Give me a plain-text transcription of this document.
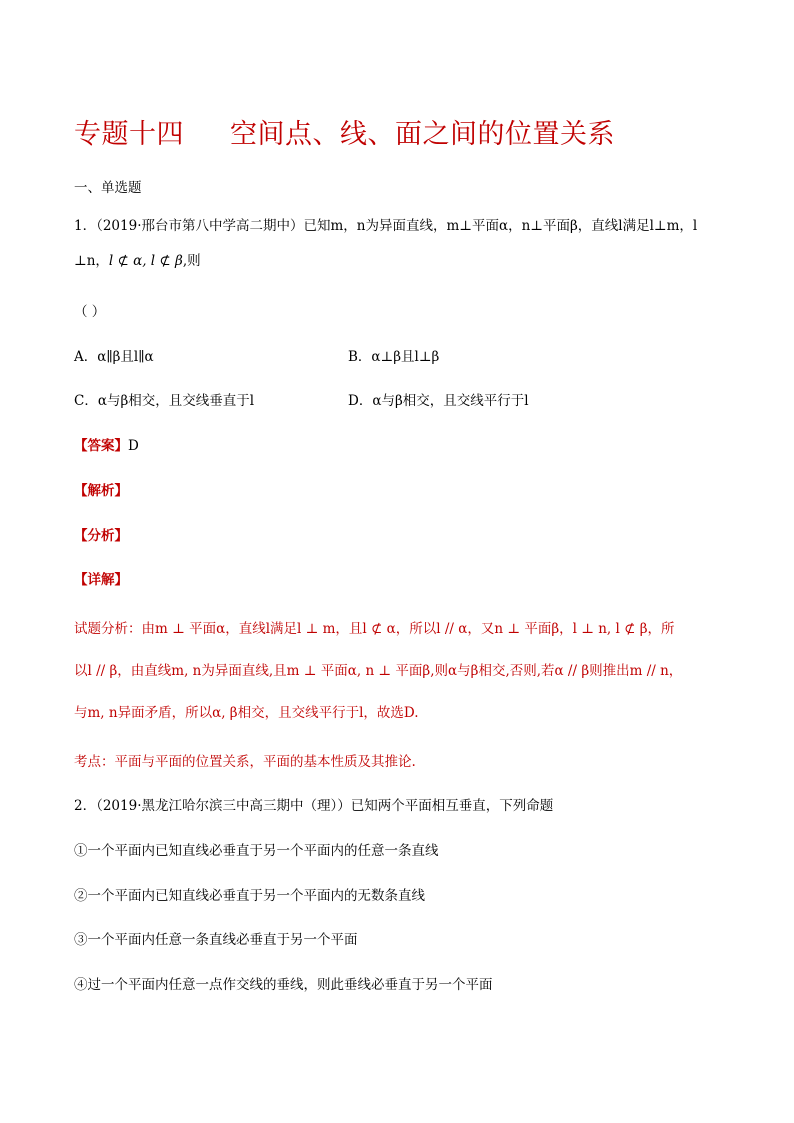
专题十四 空间点、线、面之间的位置关系
一、单选题
1．（2019·邢台市第八中学高二期中）已知m，n为异面直线，m⊥平面α，n⊥平面β，直线l满足l⊥m，l
⊥n，l ⊄ α, l ⊄ β,则
（ ）
A．α∥β且l∥α	B．α⊥β且l⊥β
C．α与β相交，且交线垂直于l	D．α与β相交，且交线平行于l
【答案】D
【解析】
【分析】
【详解】
试题分析：由m ⊥ 平面α，直线l满足l ⊥ m，且l ⊄ α，所以l // α，又n ⊥ 平面β，l ⊥ n, l ⊄ β，所
以l // β，由直线m, n为异面直线,且m ⊥ 平面α, n ⊥ 平面β,则α与β相交,否则,若α // β则推出m // n，
与m, n异面矛盾，所以α, β相交，且交线平行于l，故选D.
考点：平面与平面的位置关系，平面的基本性质及其推论.
2．（2019·黑龙江哈尔滨三中高三期中（理））已知两个平面相互垂直，下列命题
①一个平面内已知直线必垂直于另一个平面内的任意一条直线
②一个平面内已知直线必垂直于另一个平面内的无数条直线
③一个平面内任意一条直线必垂直于另一个平面
④过一个平面内任意一点作交线的垂线，则此垂线必垂直于另一个平面
